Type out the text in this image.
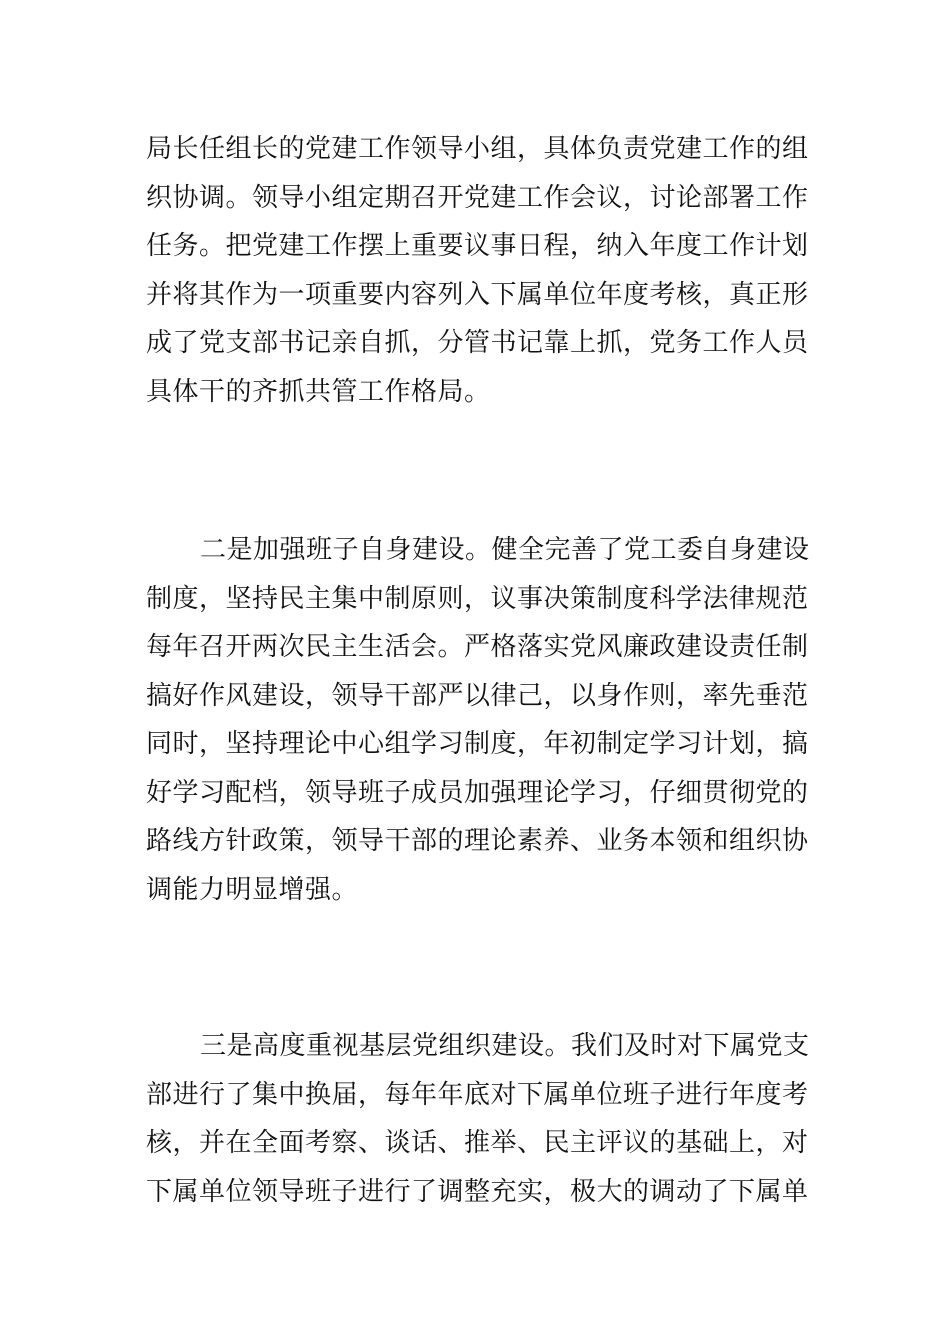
局长任组长的党建工作领导小组，具体负责党建工作的组
织协调。领导小组定期召开党建工作会议，讨论部署工作
任务。把党建工作摆上重要议事日程，纳入年度工作计划
并将其作为一项重要内容列入下属单位年度考核，真正形
成了党支部书记亲自抓，分管书记靠上抓，党务工作人员
具体干的齐抓共管工作格局。
二是加强班子自身建设。健全完善了党工委自身建设
制度，坚持民主集中制原则，议事决策制度科学法律规范
每年召开两次民主生活会。严格落实党风廉政建设责任制
搞好作风建设，领导干部严以律己，以身作则，率先垂范
同时，坚持理论中心组学习制度，年初制定学习计划，搞
好学习配档，领导班子成员加强理论学习，仔细贯彻党的
路线方针政策，领导干部的理论素养、业务本领和组织协
调能力明显增强。
三是高度重视基层党组织建设。我们及时对下属党支
部进行了集中换届，每年年底对下属单位班子进行年度考
核，并在全面考察、谈话、推举、民主评议的基础上，对
下属单位领导班子进行了调整充实，极大的调动了下属单
